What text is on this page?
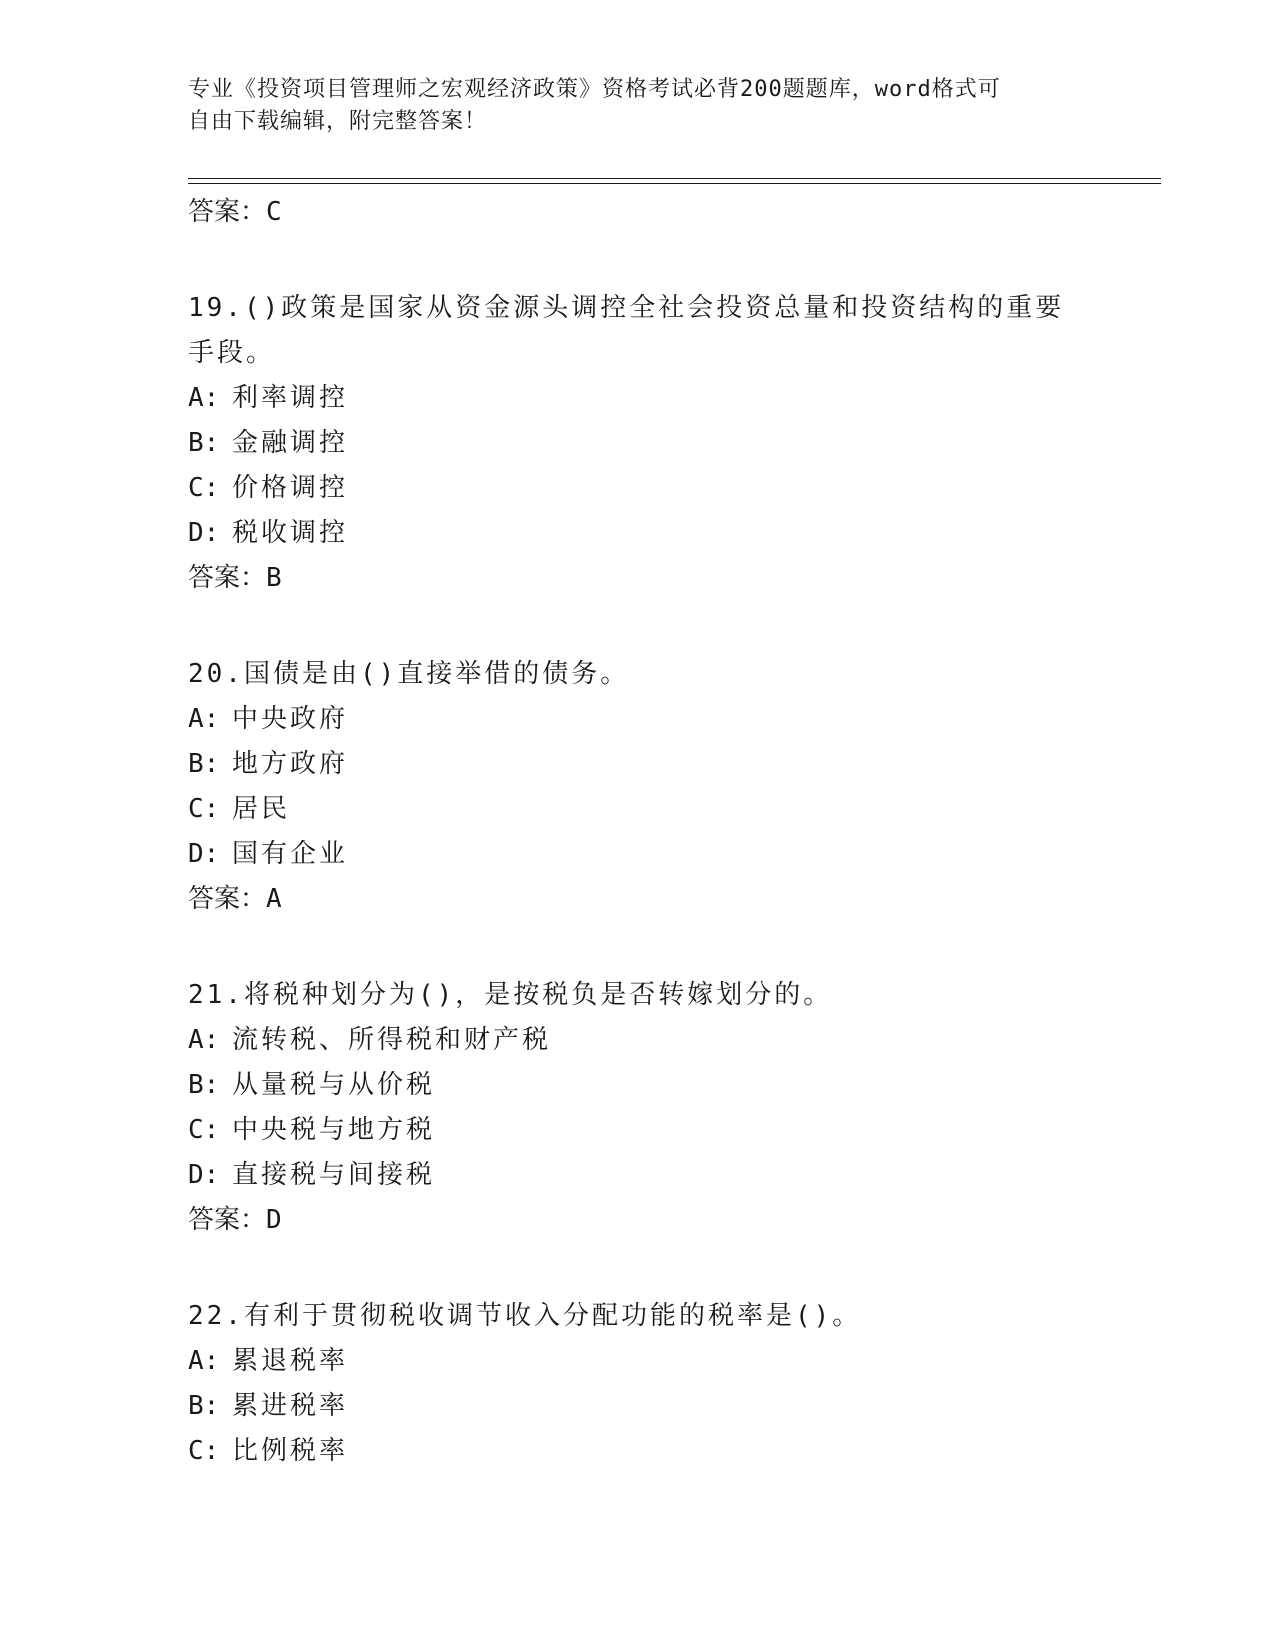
专业《投资项目管理师之宏观经济政策》资格考试必背200题题库，word格式可
自由下载编辑，附完整答案！
答案：C
19.()政策是国家从资金源头调控全社会投资总量和投资结构的重要手段。
A: 利率调控
B: 金融调控
C: 价格调控
D: 税收调控
答案：B
20.国债是由()直接举借的债务。
A: 中央政府
B: 地方政府
C: 居民
D: 国有企业
答案：A
21.将税种划分为()，是按税负是否转嫁划分的。
A: 流转税、所得税和财产税
B: 从量税与从价税
C: 中央税与地方税
D: 直接税与间接税
答案：D
22.有利于贯彻税收调节收入分配功能的税率是()。
A: 累退税率
B: 累进税率
C: 比例税率
